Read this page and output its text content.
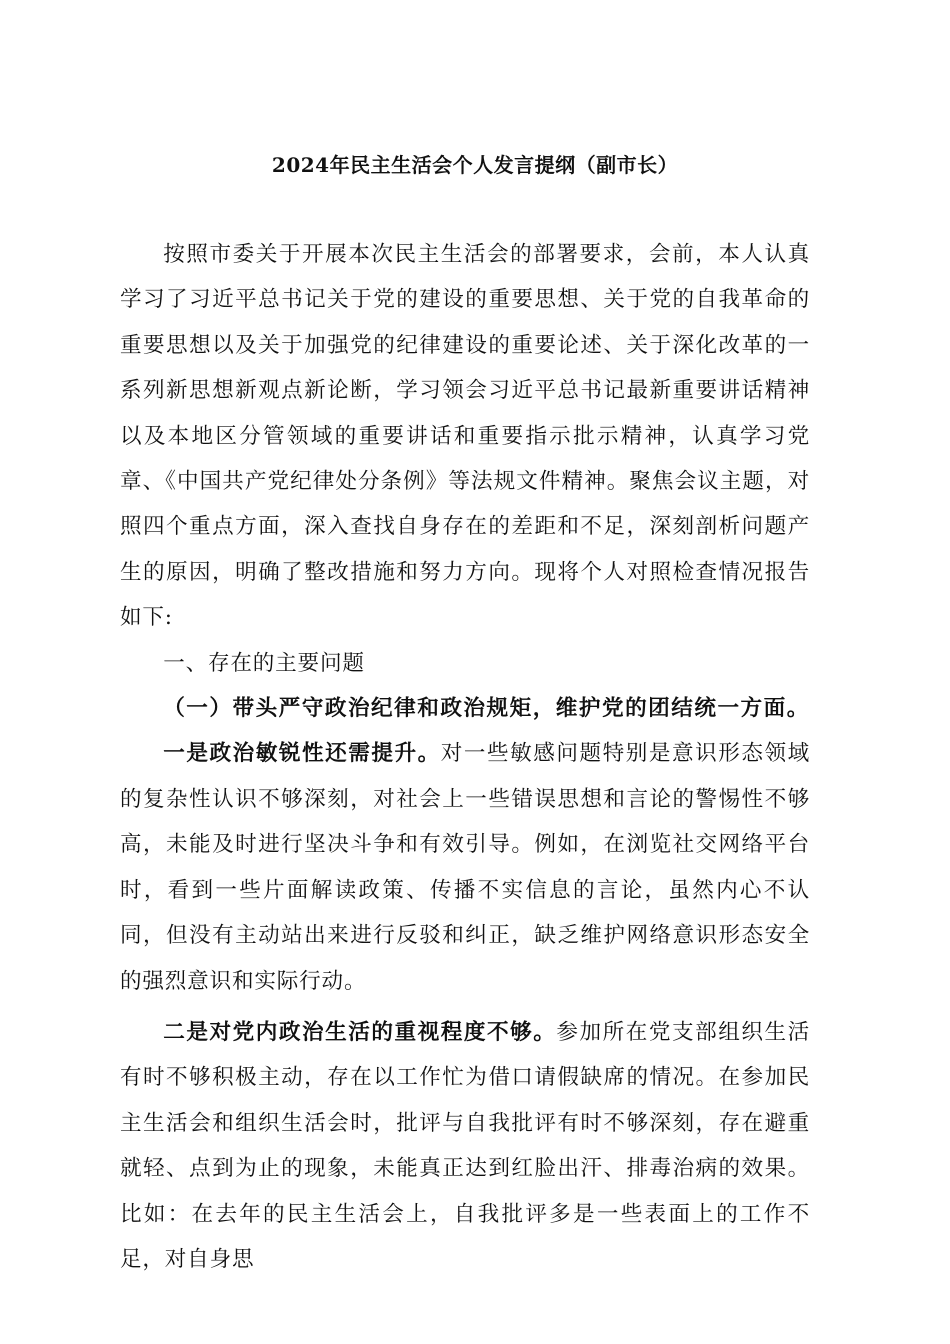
2024年民主生活会个人发言提纲（副市长）

按照市委关于开展本次民主生活会的部署要求，会前，本人认真学习了习近平总书记关于党的建设的重要思想、关于党的自我革命的重要思想以及关于加强党的纪律建设的重要论述、关于深化改革的一系列新思想新观点新论断，学习领会习近平总书记最新重要讲话精神以及本地区分管领域的重要讲话和重要指示批示精神，认真学习党章、《中国共产党纪律处分条例》等法规文件精神。聚焦会议主题，对照四个重点方面，深入查找自身存在的差距和不足，深刻剖析问题产生的原因，明确了整改措施和努力方向。现将个人对照检查情况报告如下:

一、存在的主要问题

（一）带头严守政治纪律和政治规矩，维护党的团结统一方面。

一是政治敏锐性还需提升。对一些敏感问题特别是意识形态领域的复杂性认识不够深刻，对社会上一些错误思想和言论的警惕性不够高，未能及时进行坚决斗争和有效引导。例如，在浏览社交网络平台时，看到一些片面解读政策、传播不实信息的言论，虽然内心不认同，但没有主动站出来进行反驳和纠正，缺乏维护网络意识形态安全的强烈意识和实际行动。

二是对党内政治生活的重视程度不够。参加所在党支部组织生活有时不够积极主动，存在以工作忙为借口请假缺席的情况。在参加民主生活会和组织生活会时，批评与自我批评有时不够深刻，存在避重就轻、点到为止的现象，未能真正达到红脸出汗、排毒治病的效果。比如：在去年的民主生活会上，自我批评多是一些表面上的工作不足，对自身思
